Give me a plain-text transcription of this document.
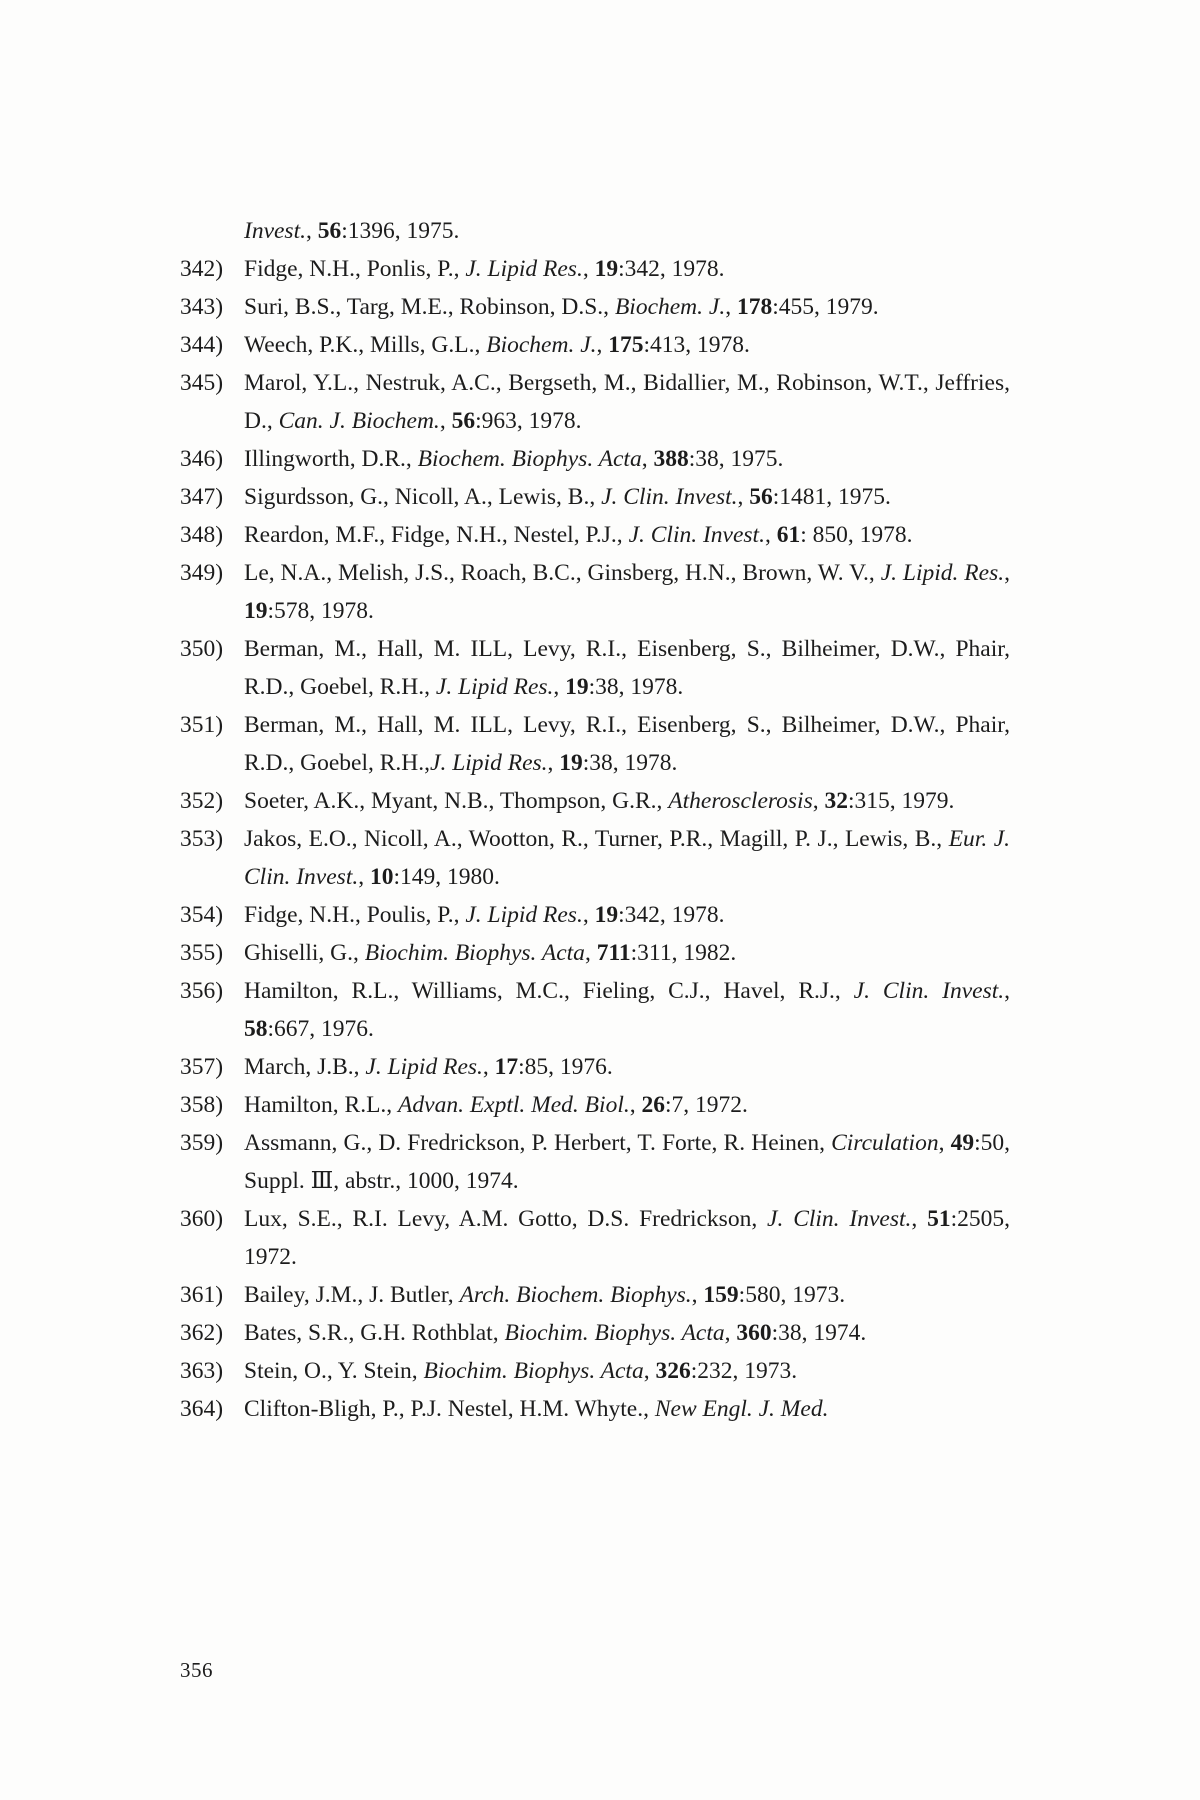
Invest., 56:1396, 1975.
342) Fidge, N.H., Ponlis, P., J. Lipid Res., 19:342, 1978.
343) Suri, B.S., Targ, M.E., Robinson, D.S., Biochem. J., 178:455, 1979.
344) Weech, P.K., Mills, G.L., Biochem. J., 175:413, 1978.
345) Marol, Y.L., Nestruk, A.C., Bergseth, M., Bidallier, M., Robinson, W.T., Jeffries, D., Can. J. Biochem., 56:963, 1978.
346) Illingworth, D.R., Biochem. Biophys. Acta, 388:38, 1975.
347) Sigurdsson, G., Nicoll, A., Lewis, B., J. Clin. Invest., 56:1481, 1975.
348) Reardon, M.F., Fidge, N.H., Nestel, P.J., J. Clin. Invest., 61: 850, 1978.
349) Le, N.A., Melish, J.S., Roach, B.C., Ginsberg, H.N., Brown, W. V., J. Lipid. Res., 19:578, 1978.
350) Berman, M., Hall, M. ILL, Levy, R.I., Eisenberg, S., Bilheimer, D.W., Phair, R.D., Goebel, R.H., J. Lipid Res., 19:38, 1978.
351) Berman, M., Hall, M. ILL, Levy, R.I., Eisenberg, S., Bilheimer, D.W., Phair, R.D., Goebel, R.H.,J. Lipid Res., 19:38, 1978.
352) Soeter, A.K., Myant, N.B., Thompson, G.R., Atherosclerosis, 32:315, 1979.
353) Jakos, E.O., Nicoll, A., Wootton, R., Turner, P.R., Magill, P. J., Lewis, B., Eur. J. Clin. Invest., 10:149, 1980.
354) Fidge, N.H., Poulis, P., J. Lipid Res., 19:342, 1978.
355) Ghiselli, G., Biochim. Biophys. Acta, 711:311, 1982.
356) Hamilton, R.L., Williams, M.C., Fieling, C.J., Havel, R.J., J. Clin. Invest., 58:667, 1976.
357) March, J.B., J. Lipid Res., 17:85, 1976.
358) Hamilton, R.L., Advan. Exptl. Med. Biol., 26:7, 1972.
359) Assmann, G., D. Fredrickson, P. Herbert, T. Forte, R. Heinen, Circulation, 49:50, Suppl. Ⅲ, abstr., 1000, 1974.
360) Lux, S.E., R.I. Levy, A.M. Gotto, D.S. Fredrickson, J. Clin. Invest., 51:2505, 1972.
361) Bailey, J.M., J. Butler, Arch. Biochem. Biophys., 159:580, 1973.
362) Bates, S.R., G.H. Rothblat, Biochim. Biophys. Acta, 360:38, 1974.
363) Stein, O., Y. Stein, Biochim. Biophys. Acta, 326:232, 1973.
364) Clifton-Bligh, P., P.J. Nestel, H.M. Whyte., New Engl. J. Med.
356
